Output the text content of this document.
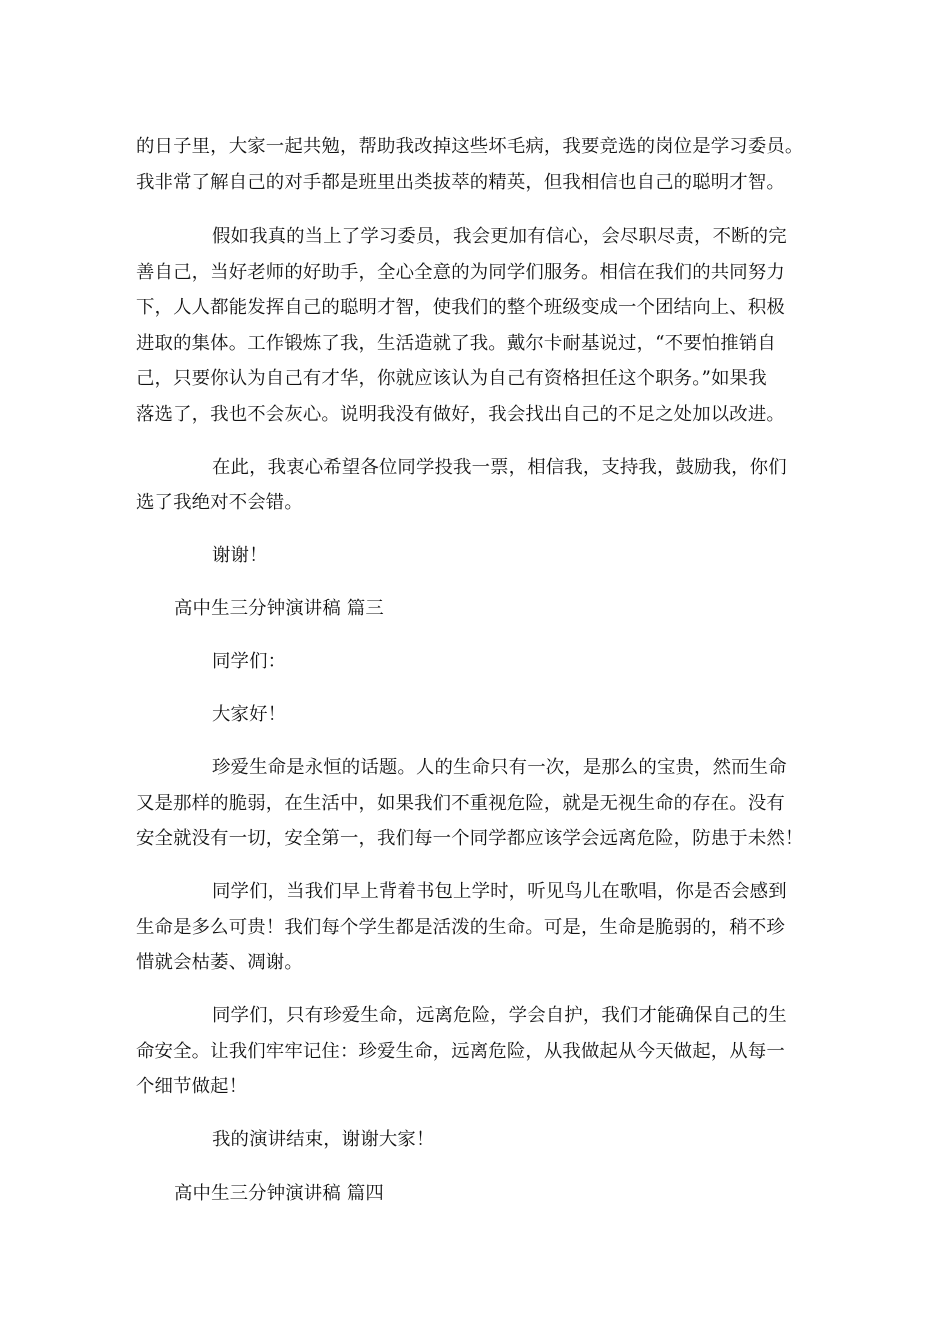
的日子里，大家一起共勉，帮助我改掉这些坏毛病，我要竞选的岗位是学习委员。
我非常了解自己的对手都是班里出类拔萃的精英，但我相信也自己的聪明才智。
假如我真的当上了学习委员，我会更加有信心，会尽职尽责，不断的完
善自己，当好老师的好助手，全心全意的为同学们服务。相信在我们的共同努力
下，人人都能发挥自己的聪明才智，使我们的整个班级变成一个团结向上、积极
进取的集体。工作锻炼了我，生活造就了我。戴尔卡耐基说过，“不要怕推销自
己，只要你认为自己有才华，你就应该认为自己有资格担任这个职务。”如果我
落选了，我也不会灰心。说明我没有做好，我会找出自己的不足之处加以改进。
在此，我衷心希望各位同学投我一票，相信我，支持我，鼓励我，你们
选了我绝对不会错。
谢谢！
高中生三分钟演讲稿 篇三
同学们：
大家好！
珍爱生命是永恒的话题。人的生命只有一次，是那么的宝贵，然而生命
又是那样的脆弱，在生活中，如果我们不重视危险，就是无视生命的存在。没有
安全就没有一切，安全第一，我们每一个同学都应该学会远离危险，防患于未然！
同学们，当我们早上背着书包上学时，听见鸟儿在歌唱，你是否会感到
生命是多么可贵！我们每个学生都是活泼的生命。可是，生命是脆弱的，稍不珍
惜就会枯萎、凋谢。
同学们，只有珍爱生命，远离危险，学会自护，我们才能确保自己的生
命安全。让我们牢牢记住：珍爱生命，远离危险，从我做起从今天做起，从每一
个细节做起！
我的演讲结束，谢谢大家！
高中生三分钟演讲稿 篇四
